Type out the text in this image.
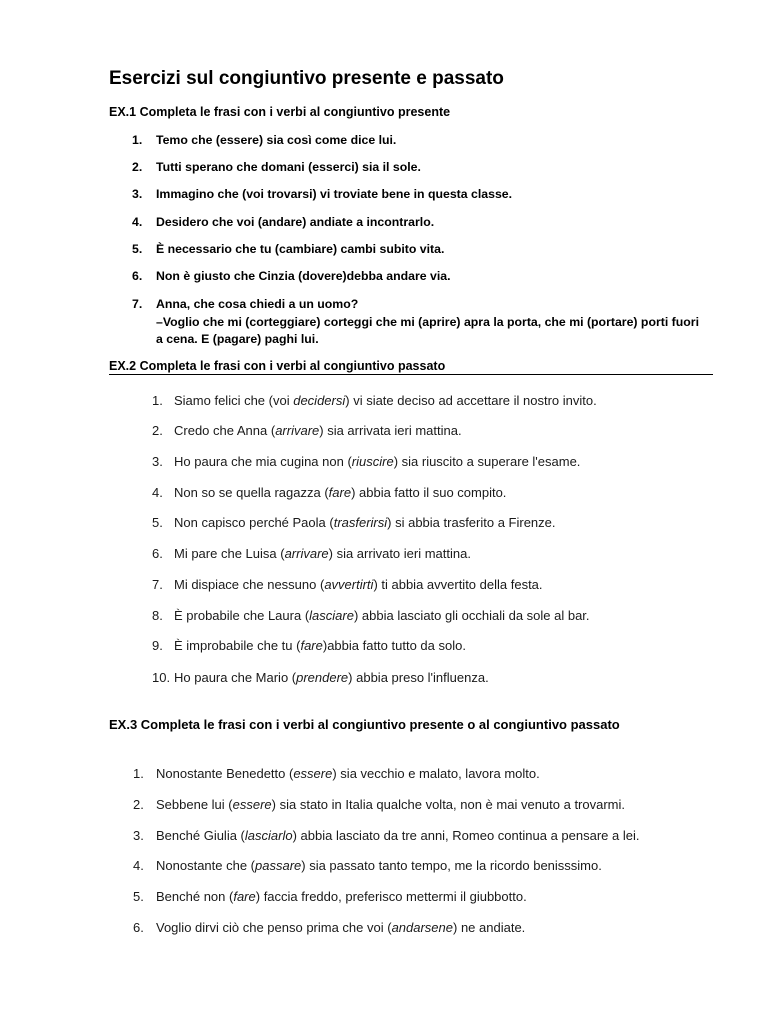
Esercizi sul congiuntivo presente e passato
EX.1 Completa le frasi con i verbi al congiuntivo presente
1. Temo che (essere) sia così come dice lui.
2. Tutti sperano che domani (esserci) sia il sole.
3. Immagino che (voi trovarsi) vi troviate bene in questa classe.
4. Desidero che voi (andare) andiate a incontrarlo.
5. È necessario che tu (cambiare) cambi subito vita.
6. Non è giusto che Cinzia (dovere)debba andare via.
7. Anna, che cosa chiedi a un uomo?
–Voglio che mi (corteggiare) corteggi che mi (aprire) apra la porta, che mi (portare) porti fuori
a cena. E (pagare) paghi lui.
EX.2 Completa le frasi con i verbi al congiuntivo passato
1. Siamo felici che (voi decidersi) vi siate deciso ad accettare il nostro invito.
2. Credo che Anna (arrivare) sia arrivata ieri mattina.
3. Ho paura che mia cugina non (riuscire) sia riuscito a superare l'esame.
4. Non so se quella ragazza (fare) abbia fatto il suo compito.
5. Non capisco perché Paola (trasferirsi) si abbia trasferito a Firenze.
6. Mi pare che Luisa (arrivare) sia arrivato ieri mattina.
7. Mi dispiace che nessuno (avvertirti) ti abbia avvertito della festa.
8. È probabile che Laura (lasciare) abbia lasciato gli occhiali da sole al bar.
9. È improbabile che tu (fare)abbia fatto tutto da solo.
10. Ho paura che Mario (prendere) abbia preso l'influenza.
EX.3 Completa le frasi con i verbi al congiuntivo presente o al congiuntivo passato
1. Nonostante Benedetto (essere) sia vecchio e malato, lavora molto.
2. Sebbene lui (essere) sia stato in Italia qualche volta, non è mai venuto a trovarmi.
3. Benché Giulia (lasciarlo) abbia lasciato da tre anni, Romeo continua a pensare a lei.
4. Nonostante che (passare) sia passato tanto tempo, me la ricordo benisssimo.
5. Benché non (fare) faccia freddo, preferisco mettermi il giubbotto.
6. Voglio dirvi ciò che penso prima che voi (andarsene) ne andiate.
